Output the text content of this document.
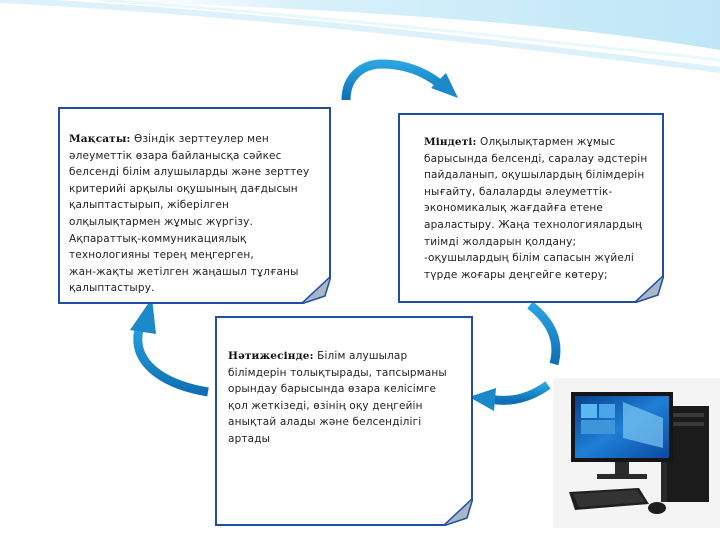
Мақсаты: Өзіндік зерттеулер мен
әлеуметтік өзара байланысқа сәйкес
белсенді білім алушыларды және зерттеу
критерийі арқылы оқушының дағдысын
қалыптастырып, жіберілген
олқылықтармен жұмыс жүргізу.
Ақпараттық-коммуникациялық
технологияны терең меңгерген,
жан-жақты жетілген жаңашыл тұлғаны
қалыптастыру.
Міндеті: Олқылықтармен жұмыс
барысында белсенді, саралау әдстерін
пайдаланып, оқушылардың білімдерін
нығайту, балаларды әлеуметтік-
экономикалық жағдайға етене
араластыру. Жаңа технологиялардың
тиімді жолдарын қолдану;
-оқушылардың білім сапасын жүйелі
түрде жоғары деңгейге көтеру;
Нәтижесінде: Білім алушылар
білімдерін толықтырады, тапсырманы
орындау барысында өзара келісімге
қол жеткізеді, өзінің оқу деңгейін
анықтай алады және белсенділігі
артады
